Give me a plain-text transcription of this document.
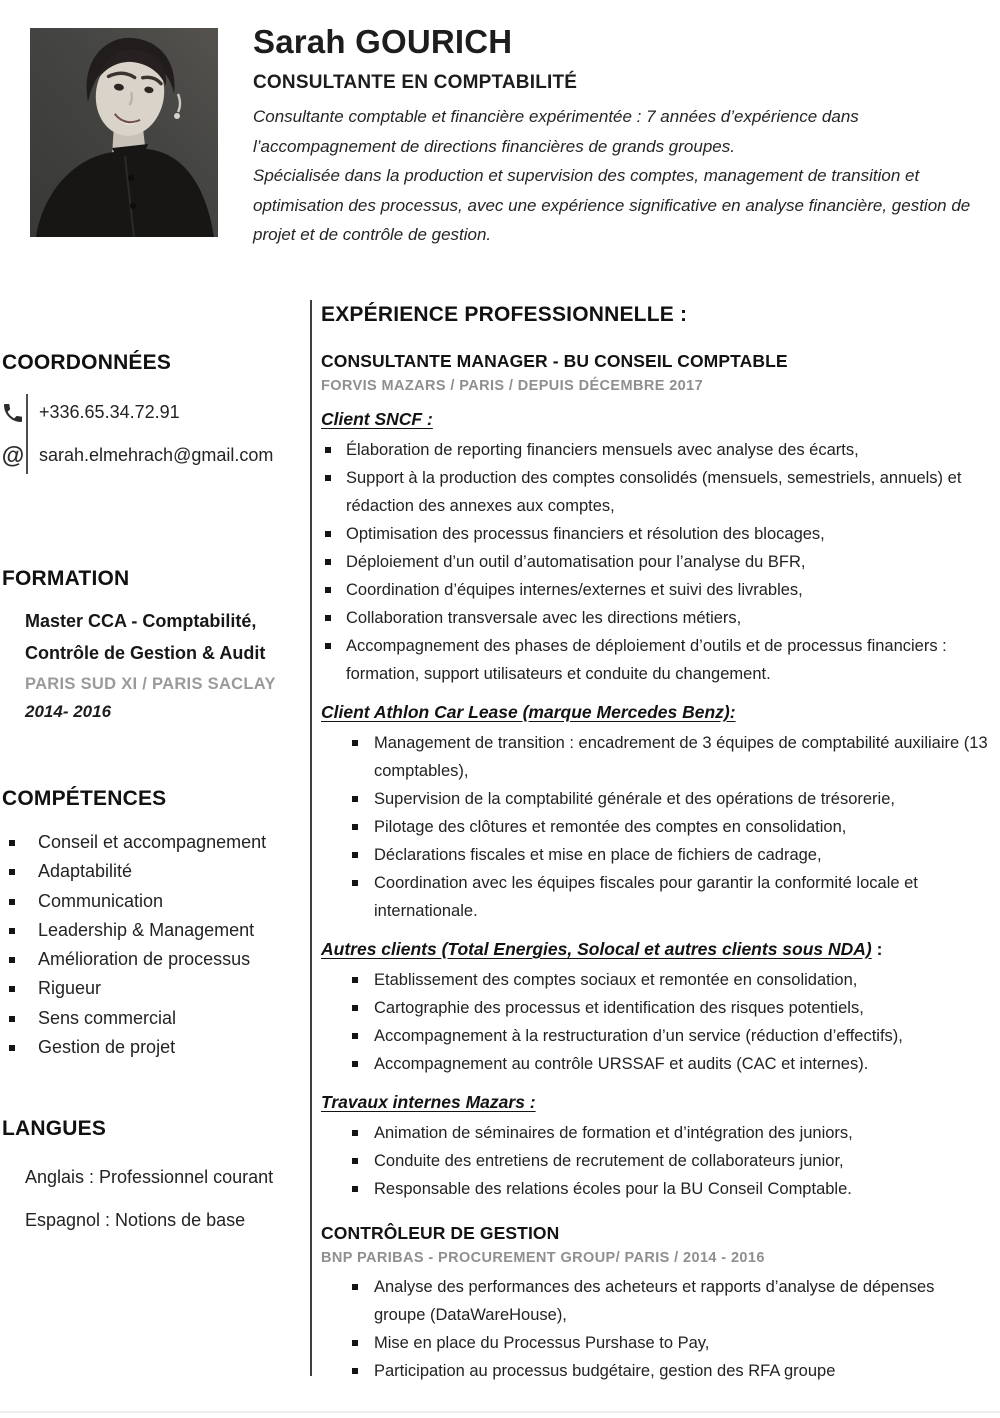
Sarah GOURICH
CONSULTANTE EN COMPTABILITÉ

Consultante comptable et financière expérimentée : 7 années d’expérience dans l’accompagnement de directions financières de grands groupes.

Spécialisée dans la production et supervision des comptes, management de transition et optimisation des processus, avec une expérience significative en analyse financière, gestion de projet et de contrôle de gestion.

COORDONNÉES
+336.65.34.72.91
@ sarah.elmehrach@gmail.com
FORMATION
Master CCA - Comptabilité,
Contrôle de Gestion & Audit
PARIS SUD XI / PARIS SACLAY
2014- 2016
COMPÉTENCES
Conseil et accompagnement
Adaptabilité
Communication
Leadership & Management
Amélioration de processus
Rigueur
Sens commercial
Gestion de projet
LANGUES
Anglais : Professionnel courant
Espagnol : Notions de base
EXPÉRIENCE PROFESSIONNELLE :
CONSULTANTE MANAGER - BU CONSEIL COMPTABLE
FORVIS MAZARS / PARIS / DEPUIS DÉCEMBRE 2017
Client SNCF :
Élaboration de reporting financiers mensuels avec analyse des écarts,
Support à la production des comptes consolidés (mensuels, semestriels, annuels) et rédaction des annexes aux comptes,
Optimisation des processus financiers et résolution des blocages,
Déploiement d’un outil d’automatisation pour l’analyse du BFR,
Coordination d’équipes internes/externes et suivi des livrables,
Collaboration transversale avec les directions métiers,
Accompagnement des phases de déploiement d’outils et de processus financiers : formation, support utilisateurs et conduite du changement.
Client Athlon Car Lease (marque Mercedes Benz):
Management de transition : encadrement de 3 équipes de comptabilité auxiliaire (13 comptables),
Supervision de la comptabilité générale et des opérations de trésorerie,
Pilotage des clôtures et remontée des comptes en consolidation,
Déclarations fiscales et mise en place de fichiers de cadrage,
Coordination avec les équipes fiscales pour garantir la conformité locale et internationale.
Autres clients (Total Energies, Solocal et autres clients sous NDA) :
Etablissement des comptes sociaux et remontée en consolidation,
Cartographie des processus et identification des risques potentiels,
Accompagnement à la restructuration d’un service (réduction d’effectifs),
Accompagnement au contrôle URSSAF et audits (CAC et internes).
Travaux internes Mazars :
Animation de séminaires de formation et d’intégration des juniors,
Conduite des entretiens de recrutement de collaborateurs junior,
Responsable des relations écoles pour la BU Conseil Comptable.
CONTRÔLEUR DE GESTION
BNP PARIBAS - PROCUREMENT GROUP/ PARIS / 2014 - 2016
Analyse des performances des acheteurs et rapports d’analyse de dépenses groupe (DataWareHouse),
Mise en place du Processus Purshase to Pay,
Participation au processus budgétaire, gestion des RFA groupe
